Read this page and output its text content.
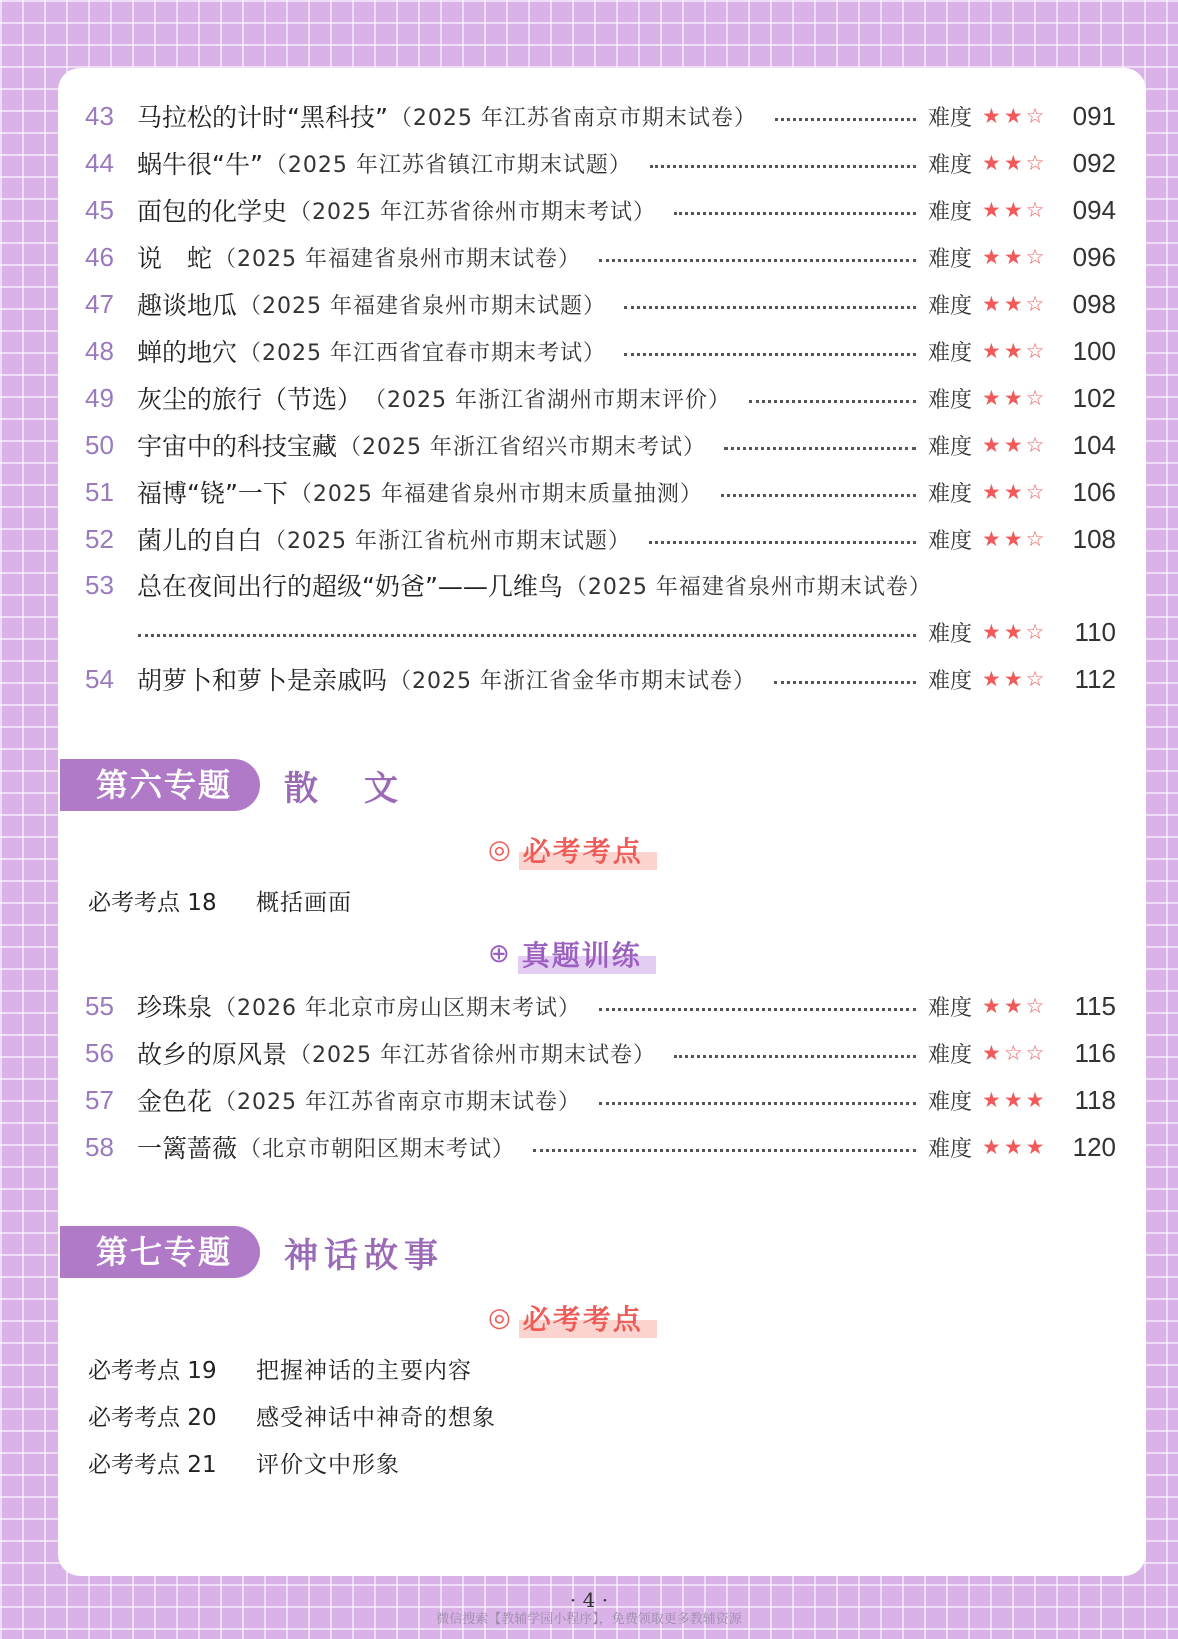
43 马拉松的计时“黑科技” （2025 年江苏省南京市期末试卷）	难度 ★ ★ ☆ 091
44 蜗牛很“牛” （2025 年江苏省镇江市期末试题）	难度 ★ ★ ☆ 092
45 面包的化学史 （2025 年江苏省徐州市期末考试）	难度 ★ ★ ☆ 094
46 说　蛇 （2025 年福建省泉州市期末试卷）	难度 ★ ★ ☆ 096
47 趣谈地瓜 （2025 年福建省泉州市期末试题）	难度 ★ ★ ☆ 098
48 蝉的地穴 （2025 年江西省宜春市期末考试）	难度 ★ ★ ☆ 100
49 灰尘的旅行（节选） （2025 年浙江省湖州市期末评价）	难度 ★ ★ ☆ 102
50 宇宙中的科技宝藏 （2025 年浙江省绍兴市期末考试）	难度 ★ ★ ☆ 104
51 福博“铙”一下 （2025 年福建省泉州市期末质量抽测）	难度 ★ ★ ☆ 106
52 菌儿的自白 （2025 年浙江省杭州市期末试题）	难度 ★ ★ ☆ 108
53 总在夜间出行的超级“奶爸”——几维鸟 （2025 年福建省泉州市期末试卷）
难度 ★ ★ ☆ 110
54 胡萝卜和萝卜是亲戚吗 （2025 年浙江省金华市期末试卷）	难度 ★ ★ ☆ 112
第六专题	散　文
◎ 必考考点
必考考点 18	概括画面
⊕ 真题训练
55 珍珠泉 （2026 年北京市房山区期末考试）	难度 ★ ★ ☆ 115
56 故乡的原风景 （2025 年江苏省徐州市期末试卷）	难度 ★ ☆ ☆ 116
57 金色花 （2025 年江苏省南京市期末试卷）	难度 ★ ★ ★ 118
58 一篱蔷薇 （北京市朝阳区期末考试）	难度 ★ ★ ★ 120
第七专题	神话故事
◎ 必考考点
必考考点 19	把握神话的主要内容
必考考点 20	感受神话中神奇的想象
必考考点 21	评价文中形象
· 4 ·
微信搜索【教辅学园小程序】，免费领取更多教辅资源
